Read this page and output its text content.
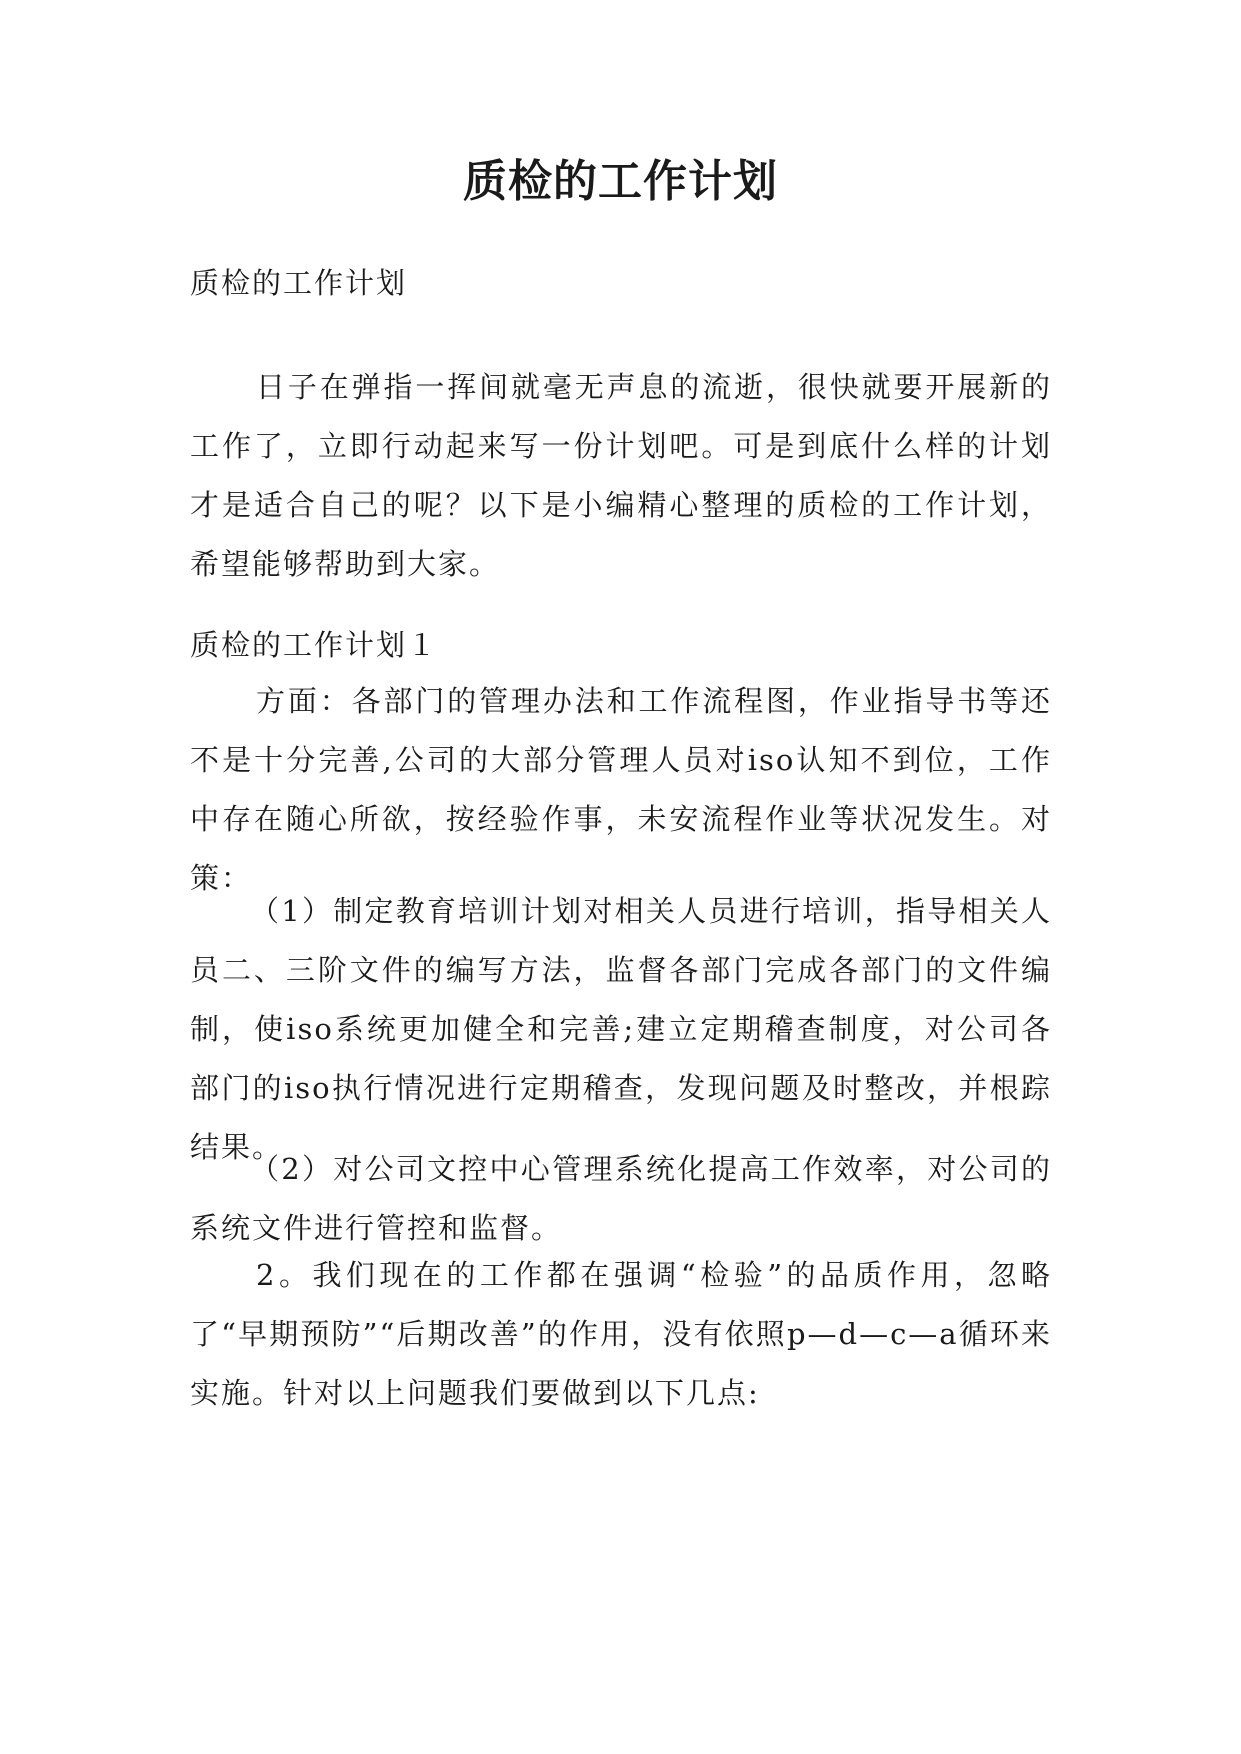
质检的工作计划

质检的工作计划

日子在弹指一挥间就毫无声息的流逝，很快就要开展新的工作了，立即行动起来写一份计划吧。可是到底什么样的计划才是适合自己的呢？以下是小编精心整理的质检的工作计划，希望能够帮助到大家。

质检的工作计划１

方面：各部门的管理办法和工作流程图，作业指导书等还不是十分完善,公司的大部分管理人员对iso认知不到位，工作中存在随心所欲，按经验作事，未安流程作业等状况发生。对策：

（1）制定教育培训计划对相关人员进行培训，指导相关人员二、三阶文件的编写方法，监督各部门完成各部门的文件编制，使iso系统更加健全和完善;建立定期稽查制度，对公司各部门的iso执行情况进行定期稽查，发现问题及时整改，并根踪结果。

（2）对公司文控中心管理系统化提高工作效率，对公司的系统文件进行管控和监督。

2。我们现在的工作都在强调“检验”的品质作用，忽略了“早期预防”“后期改善”的作用，没有依照p—d—c—a循环来实施。针对以上问题我们要做到以下几点:
